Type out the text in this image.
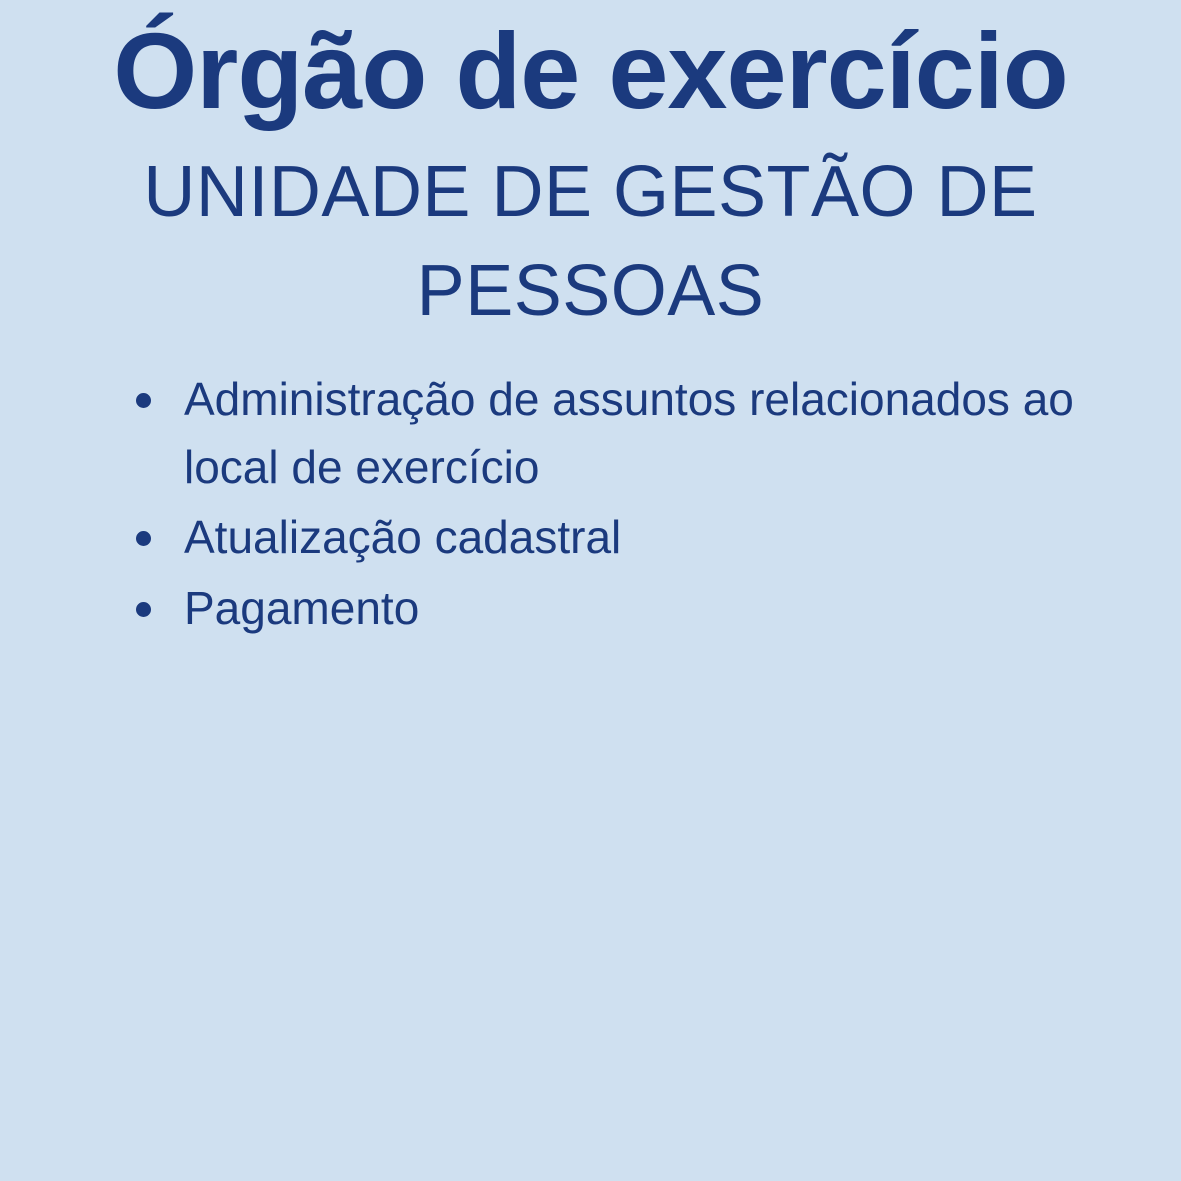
Órgão de exercício
UNIDADE DE GESTÃO DE PESSOAS
Administração de assuntos relacionados ao local de exercício
Atualização cadastral
Pagamento
